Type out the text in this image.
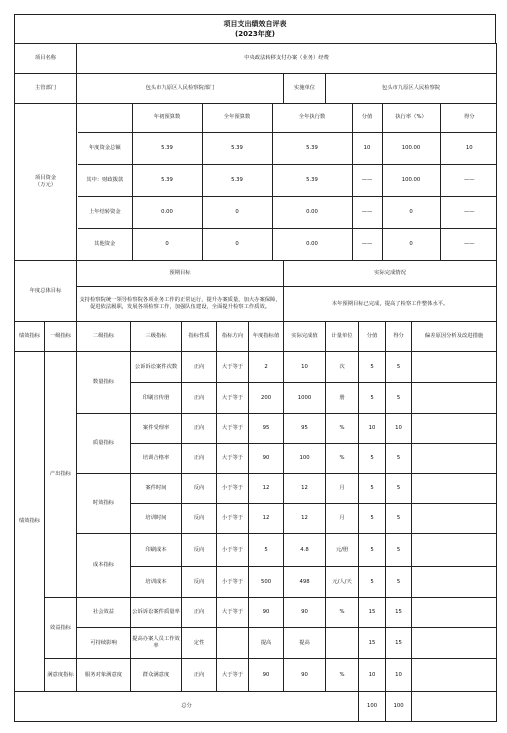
项目支出绩效自评表
(2023年度)
项目名称	中央政法转移支付办案（业务）经费
主管部门	包头市九原区人民检察院部门	实施单位	包头市九原区人民检察院
项目资金
（万元）	
	年初预算数	全年预算数	全年执行数	分值	执行率（%）	得分
年度资金总额	5.39	5.39	5.39	10	100.00	10
其中：财政拨款	5.39	5.39	5.39	——	100.00	——
上年结转资金	0.00	0	0.00	——	0	——
其他资金	0	0	0.00	——	0	——

年度总体目标	预期目标	实际完成情况
支持检察院统一领导检察院各项业务工作的正常运行，提升办案质量，加大办案保障，促进依法履职，发展各项检察工作，加强队伍建设，全面提升检察工作质效。	本年预期目标已完成，提高了检察工作整体水平。
绩效指标	一级指标	二级指标	三级指标	指标性质	指标方向	年度指标值	实际完成值	计量单位	分值	得分	偏差原因分析及改进措施
绩效指标	产出指标	数量指标	公诉诉讼案件次数	正向	大于等于	2	10	次	5	5	
印刷宣传册	正向	大于等于	200	1000	册	5	5	
质量指标	案件受理率	正向	大于等于	95	95	%	10	10	
培训合格率	正向	大于等于	90	100	%	5	5	
时效指标	案件时间	反向	小于等于	12	12	月	5	5	
培训时间	反向	小于等于	12	12	月	5	5	
成本指标	印刷成本	反向	小于等于	5	4.8	元/册	5	5	
培训成本	反向	小于等于	500	498	元/人/天	5	5	
效益指标	社会效益	公诉诉讼案件质量率	正向	大于等于	90	90	%	15	15	
可持续影响	提高办案人员工作效率	定性		提高	提高		15	15	
满意度指标	服务对象满意度	群众满意度	正向	大于等于	90	90	%	10	10	
总分	100	100	
